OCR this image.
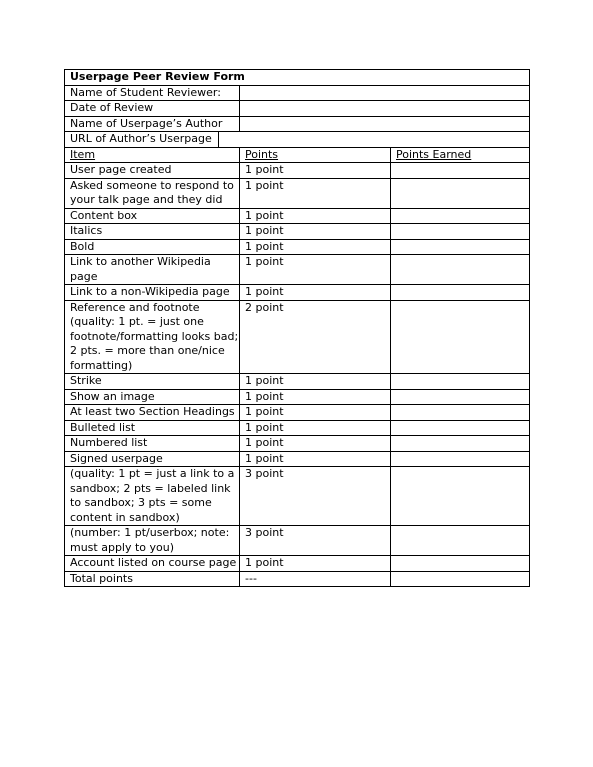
Userpage Peer Review Form		
Name of Student Reviewer:		
Date of Review		
Name of Userpage’s Author		

URL of Author’s Userpage		

Item	Points	Points Earned
User page created	1 point	
Asked someone to respond to your talk page and they did	1 point	
Content box	1 point	
Italics	1 point	
Bold	1 point	
Link to another Wikipedia page	1 point	
Link to a non-Wikipedia page	1 point	
Reference and footnote (quality: 1 pt. = just one footnote/formatting looks bad; 2 pts. = more than one/nice formatting)	2 point	
Strike	1 point	
Show an image	1 point	
At least two Section Headings	1 point	
Bulleted list	1 point	
Numbered list	1 point	
Signed userpage	1 point	
(quality: 1 pt = just a link to a sandbox; 2 pts = labeled link to sandbox; 3 pts = some content in sandbox)	3 point	
(number: 1 pt/userbox; note: must apply to you)	3 point	
Account listed on course page	1 point	
Total points	---	
